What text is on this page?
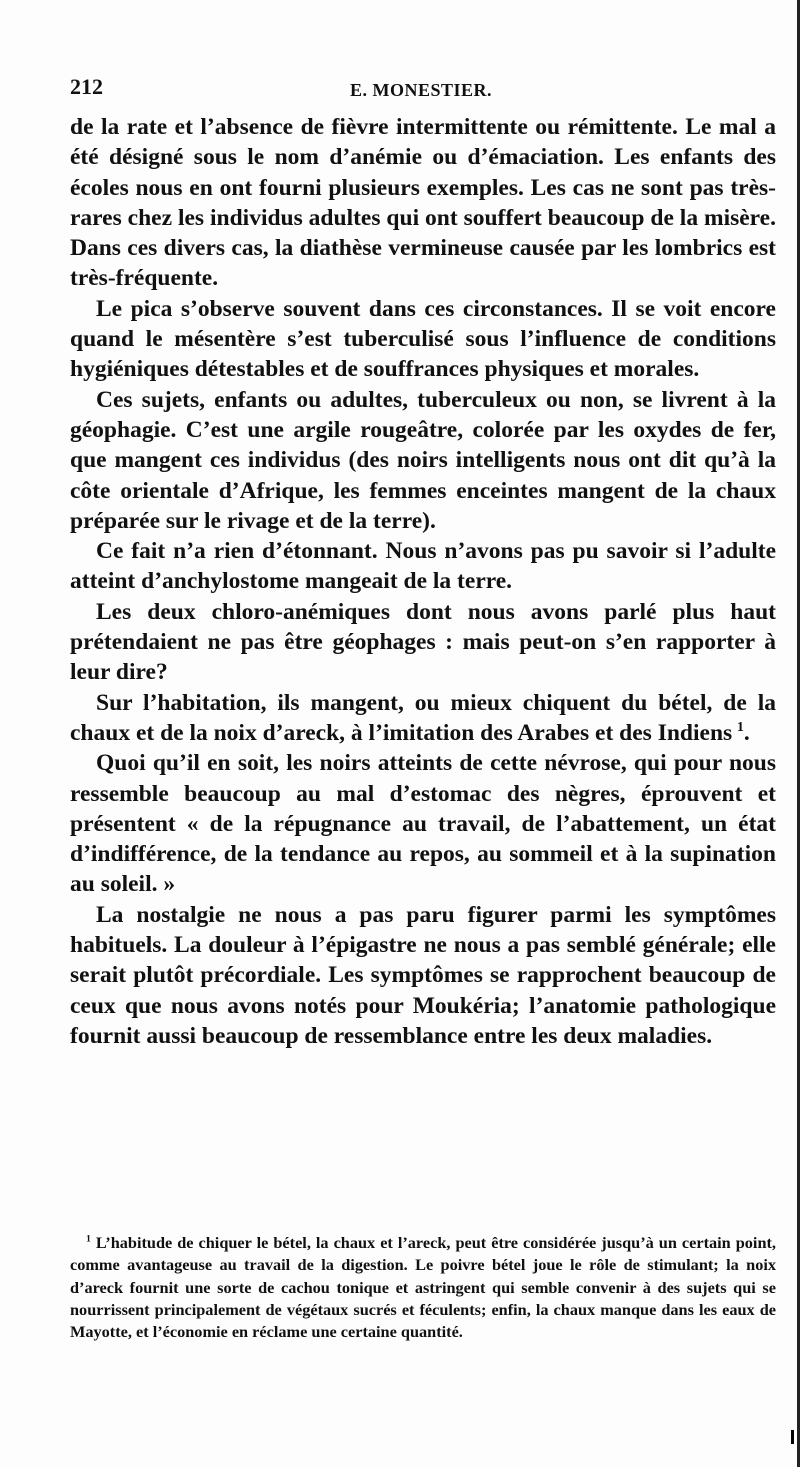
212	E. MONESTIER.

de la rate et l’absence de fièvre intermittente ou rémittente. Le mal a été désigné sous le nom d’anémie ou d’émaciation. Les enfants des écoles nous en ont fourni plusieurs exemples. Les cas ne sont pas très-rares chez les individus adultes qui ont souffert beaucoup de la misère. Dans ces divers cas, la diathèse vermineuse causée par les lombrics est très-fréquente.

Le pica s’observe souvent dans ces circonstances. Il se voit encore quand le mésentère s’est tuberculisé sous l’influence de conditions hygiéniques détestables et de souffrances physiques et morales.

Ces sujets, enfants ou adultes, tuberculeux ou non, se livrent à la géophagie. C’est une argile rougeâtre, colorée par les oxydes de fer, que mangent ces individus (des noirs intelligents nous ont dit qu’à la côte orientale d’Afrique, les femmes enceintes mangent de la chaux préparée sur le rivage et de la terre).

Ce fait n’a rien d’étonnant. Nous n’avons pas pu savoir si l’adulte atteint d’anchylostome mangeait de la terre.

Les deux chloro-anémiques dont nous avons parlé plus haut prétendaient ne pas être géophages : mais peut-on s’en rapporter à leur dire?

Sur l’habitation, ils mangent, ou mieux chiquent du bétel, de la chaux et de la noix d’areck, à l’imitation des Arabes et des Indiens  $^1$.

Quoi qu’il en soit, les noirs atteints de cette névrose, qui pour nous ressemble beaucoup au mal d’estomac des nègres, éprouvent et présentent « de la répugnance au travail, de l’abattement, un état d’indifférence, de la tendance au repos, au sommeil et à la supination au soleil. »

La nostalgie ne nous a pas paru figurer parmi les symptômes habituels. La douleur à l’épigastre ne nous a pas semblé générale; elle serait plutôt précordiale. Les symptômes se rapprochent beaucoup de ceux que nous avons notés pour Moukéria; l’anatomie pathologique fournit aussi beaucoup de ressemblance entre les deux maladies.

$^1$ L’habitude de chiquer le bétel, la chaux et l’areck, peut être considérée jusqu’à un certain point, comme avantageuse au travail de la digestion. Le poivre bétel joue le rôle de stimulant; la noix d’areck fournit une sorte de cachou tonique et astringent qui semble convenir à des sujets qui se nourrissent principalement de végétaux sucrés et féculents; enfin, la chaux manque dans les eaux de Mayotte, et l’économie en réclame une certaine quantité.
